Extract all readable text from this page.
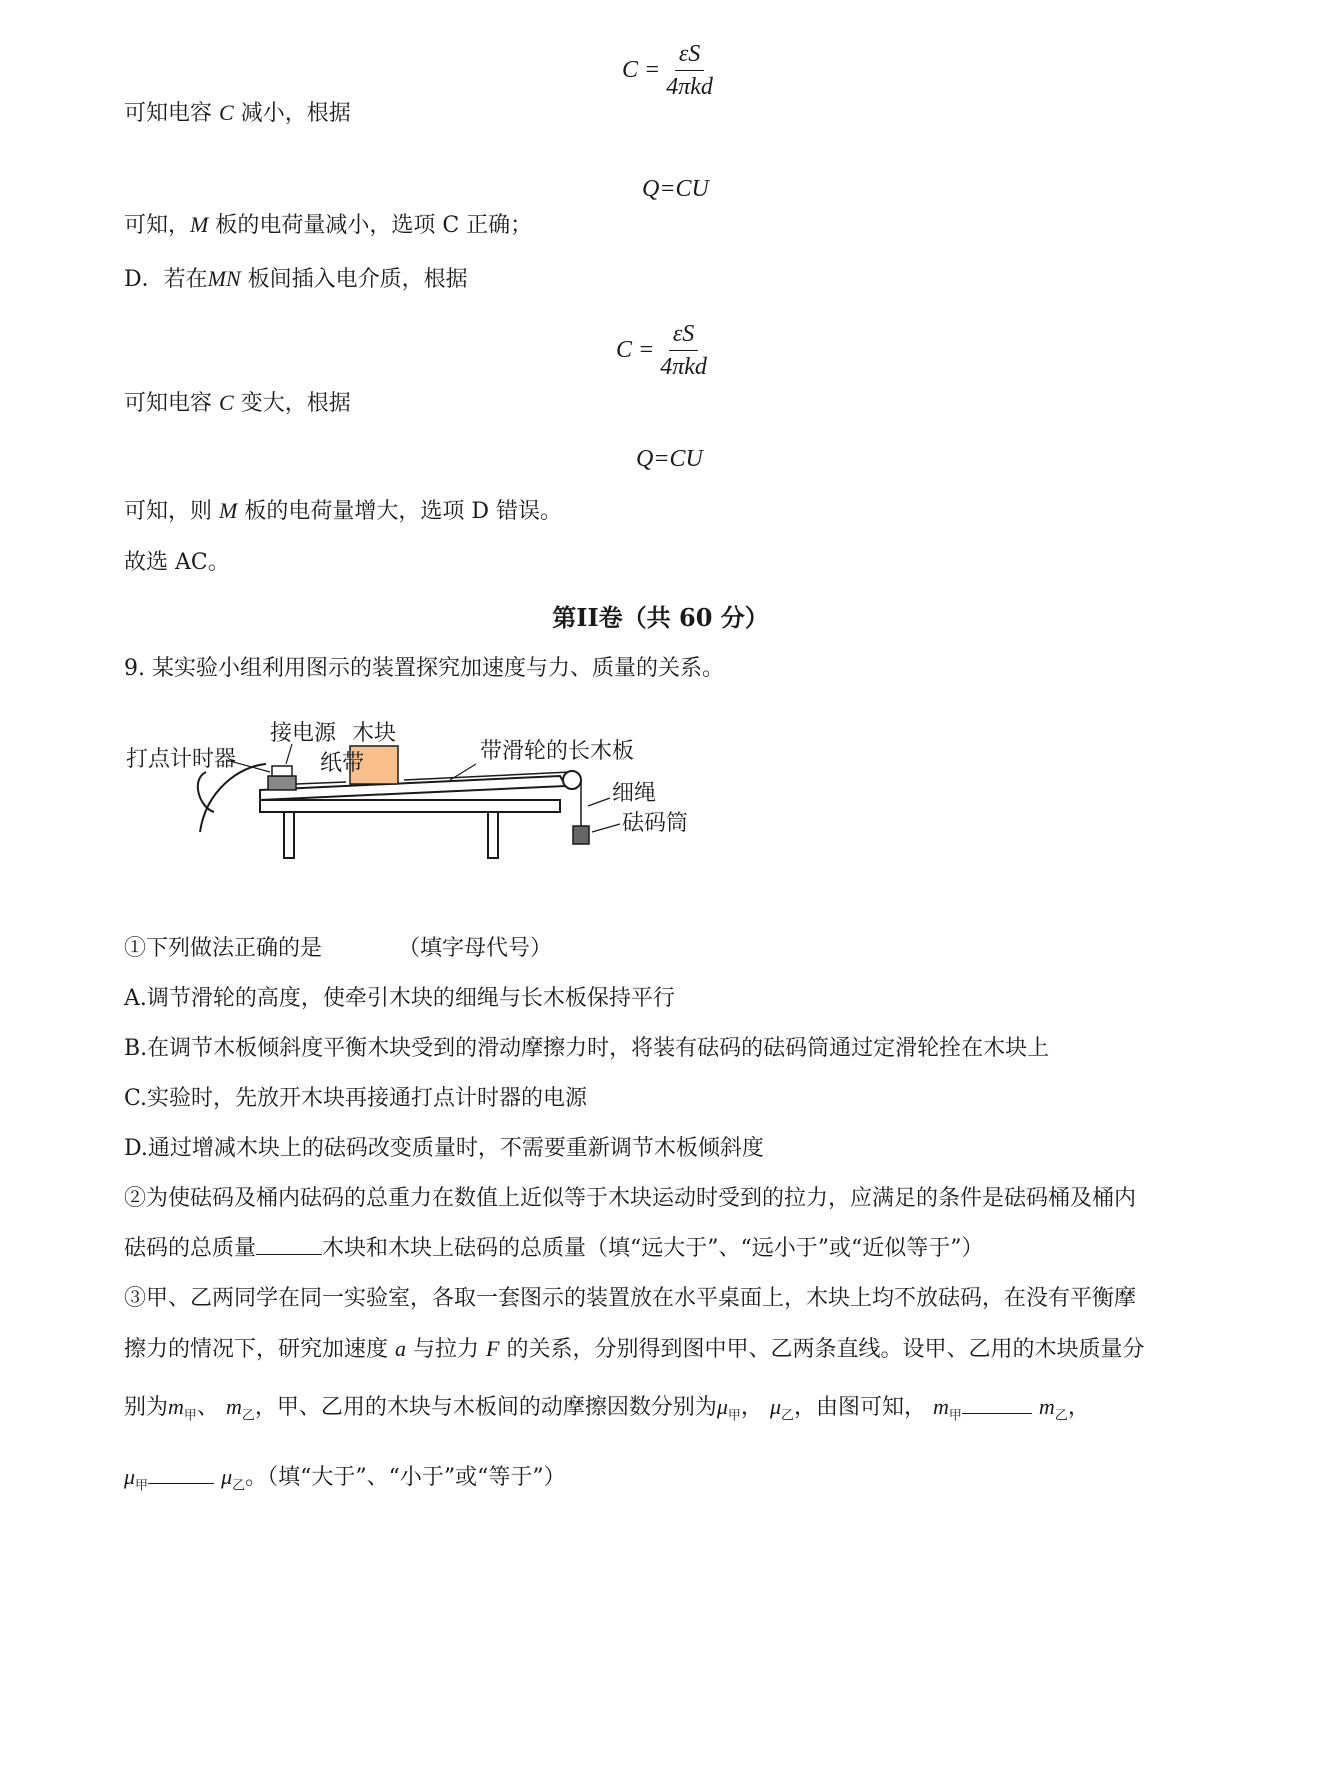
$C = \frac{\varepsilon S}{\text{4πkd}}$
可知电容 C 减小，根据
Q=CU
可知，M 板的电荷量减小，选项 C 正确；
D．若在MN 板间插入电介质，根据
$C = \frac{\varepsilon S}{\text{4πkd}}$
可知电容 C 变大，根据
Q=CU
可知，则 M 板的电荷量增大，选项 D 错误。
故选 AC。
第II卷（共 60 分）
9. 某实验小组利用图示的装置探究加速度与力、质量的关系。
打点计时器
接电源
纸带
木块
带滑轮的长木板
细绳
砝码筒
①下列做法正确的是	（填字母代号）
A.调节滑轮的高度，使牵引木块的细绳与长木板保持平行
B.在调节木板倾斜度平衡木块受到的滑动摩擦力时，将装有砝码的砝码筒通过定滑轮拴在木块上
C.实验时，先放开木块再接通打点计时器的电源
D.通过增减木块上的砝码改变质量时，不需要重新调节木板倾斜度
②为使砝码及桶内砝码的总重力在数值上近似等于木块运动时受到的拉力，应满足的条件是砝码桶及桶内
砝码的总质量	木块和木块上砝码的总质量（填“远大于”、“远小于”或“近似等于”）
③甲、乙两同学在同一实验室，各取一套图示的装置放在水平桌面上，木块上均不放砝码，在没有平衡摩
擦力的情况下，研究加速度 a 与拉力 F 的关系，分别得到图中甲、乙两条直线。设甲、乙用的木块质量分
别为$m_甲$、 $m_乙$，甲、乙用的木块与木板间的动摩擦因数分别为$\mu_甲$， $\mu_乙$，由图可知， $m_甲$	$m_乙$，
$\mu_甲$	$\mu_乙$。（填“大于”、“小于”或“等于”）
